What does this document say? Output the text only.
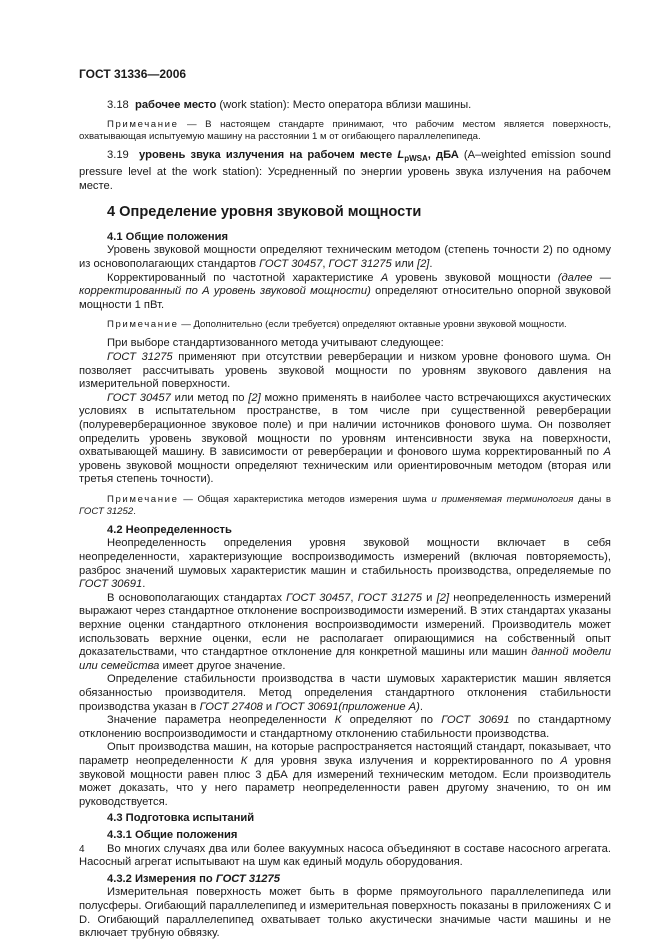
ГОСТ 31336—2006

3.18 рабочее место (work station): Место оператора вблизи машины.

Примечание — В настоящем стандарте принимают, что рабочим местом является поверхность, охватывающая испытуемую машину на расстоянии 1 м от огибающего параллелепипеда.

3.19 уровень звука излучения на рабочем месте $L_{pWSA}$, дБА (A–weighted emission sound pressure level at the work station): Усредненный по энергии уровень звука излучения на рабочем месте.

4 Определение уровня звуковой мощности
4.1 Общие положения

Уровень звуковой мощности определяют техническим методом (степень точности 2) по одному из основополагающих стандартов ГОСТ 30457, ГОСТ 31275 или [2].

Корректированный по частотной характеристике А уровень звуковой мощности (далее — корректированный по А уровень звуковой мощности) определяют относительно опорной звуковой мощности 1 пВт.

Примечание — Дополнительно (если требуется) определяют октавные уровни звуковой мощности.

При выборе стандартизованного метода учитывают следующее:

ГОСТ 31275 применяют при отсутствии реверберации и низком уровне фонового шума. Он позволяет рассчитывать уровень звуковой мощности по уровням звукового давления на измерительной поверхности.

ГОСТ 30457 или метод по [2] можно применять в наиболее часто встречающихся акустических условиях в испытательном пространстве, в том числе при существенной реверберации (полуреверберационное звуковое поле) и при наличии источников фонового шума. Он позволяет определить уровень звуковой мощности по уровням интенсивности звука на поверхности, охватывающей машину. В зависимости от реверберации и фонового шума корректированный по А уровень звуковой мощности определяют техническим или ориентировочным методом (вторая или третья степень точности).

Примечание — Общая характеристика методов измерения шума и применяемая терминология даны в ГОСТ 31252.

4.2 Неопределенность

Неопределенность определения уровня звуковой мощности включает в себя неопределенности, характеризующие воспроизводимость измерений (включая повторяемость), разброс значений шумовых характеристик машин и стабильность производства, определяемые по ГОСТ 30691.

В основополагающих стандартах ГОСТ 30457, ГОСТ 31275 и [2] неопределенность измерений выражают через стандартное отклонение воспроизводимости измерений. В этих стандартах указаны верхние оценки стандартного отклонения воспроизводимости измерений. Производитель может использовать верхние оценки, если не располагает опирающимися на собственный опыт доказательствами, что стандартное отклонение для конкретной машины или машин данной модели или семейства имеет другое значение.

Определение стабильности производства в части шумовых характеристик машин является обязанностью производителя. Метод определения стандартного отклонения стабильности производства указан в ГОСТ 27408 и ГОСТ 30691(приложение А).

Значение параметра неопределенности К определяют по ГОСТ 30691 по стандартному отклонению воспроизводимости и стандартному отклонению стабильности производства.

Опыт производства машин, на которые распространяется настоящий стандарт, показывает, что параметр неопределенности К для уровня звука излучения и корректированного по А уровня звуковой мощности равен плюс 3 дБА для измерений техническим методом. Если производитель может доказать, что у него параметр неопределенности равен другому значению, то он им руководствуется.

4.3 Подготовка испытаний
4.3.1 Общие положения

Во многих случаях два или более вакуумных насоса объединяют в составе насосного агрегата. Насосный агрегат испытывают на шум как единый модуль оборудования.

4.3.2 Измерения по ГОСТ 31275

Измерительная поверхность может быть в форме прямоугольного параллелепипеда или полусферы. Огибающий параллелепипед и измерительная поверхность показаны в приложениях С и D. Огибающий параллелепипед охватывает только акустически значимые части машины и не включает трубную обвязку.

4
